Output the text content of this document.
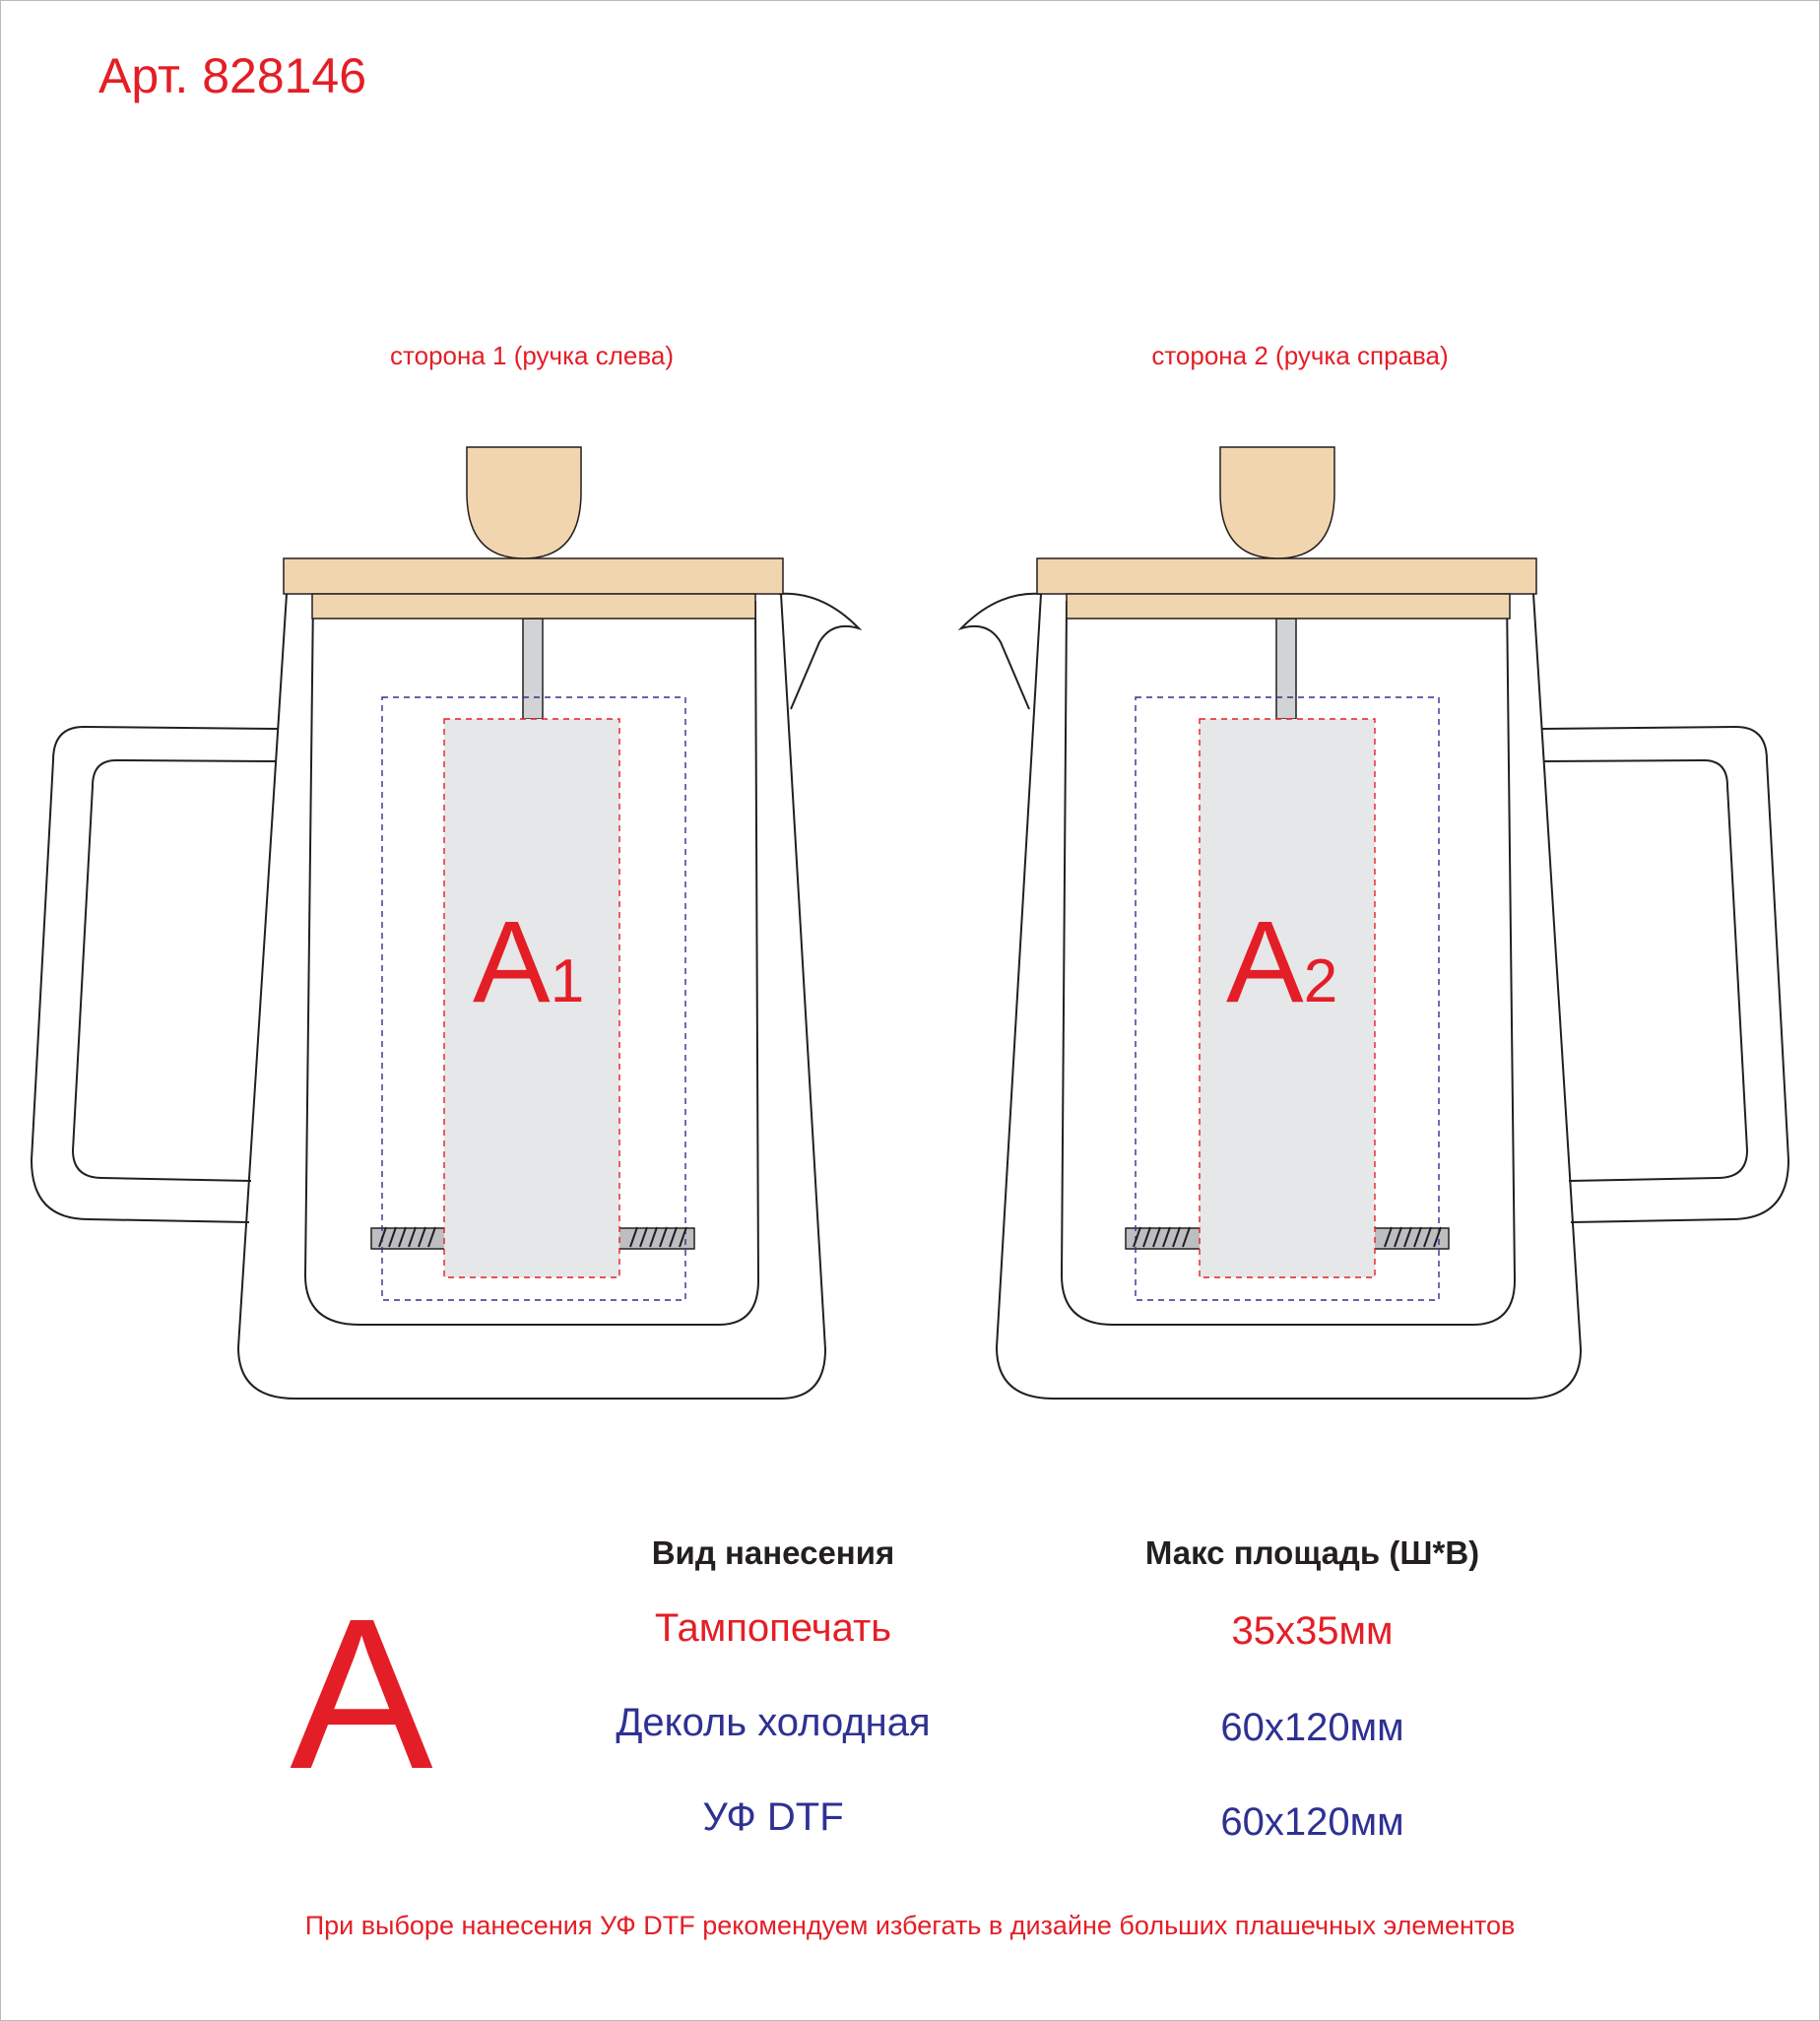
Арт. 828146
сторона 1 (ручка слева)	сторона 2 (ручка справа)
A1	A2
A
Вид нанесения	Макс площадь (Ш*В)
Тампопечать	35x35мм
Деколь холодная	60x120мм
УФ DTF	60x120мм
При выборе нанесения УФ DTF рекомендуем избегать в дизайне больших плашечных элементов
